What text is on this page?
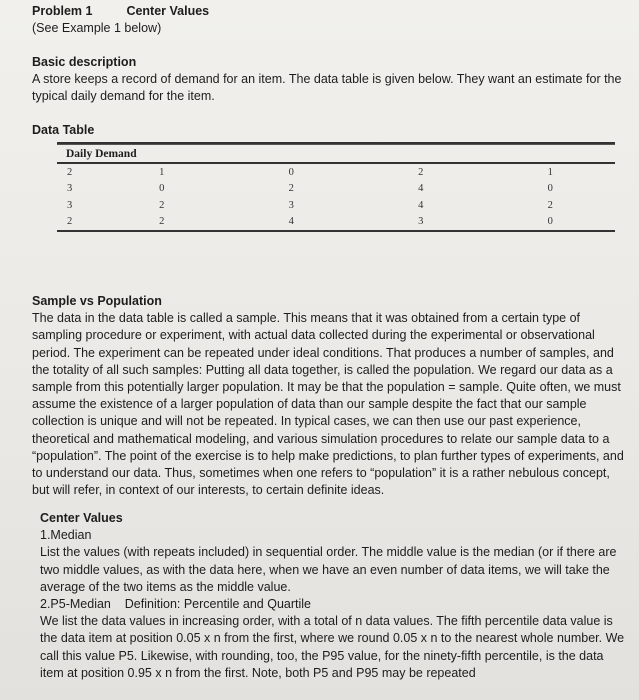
Problem 1	Center Values
(See Example 1 below)
Basic description
A store keeps a record of demand for an item. The data table is given below. They want an estimate for the typical daily demand for the item.
Data Table
Daily Demand
2	1	0	2	1
3	0	2	4	0
3	2	3	4	2
2	2	4	3	0
Sample vs Population
The data in the data table is called a sample. This means that it was obtained from a certain type of sampling procedure or experiment, with actual data collected during the experimental or observational period. The experiment can be repeated under ideal conditions. That produces a number of samples, and the totality of all such samples: Putting all data together, is called the population. We regard our data as a sample from this potentially larger population. It may be that the population = sample. Quite often, we must assume the existence of a larger population of data than our sample despite the fact that our sample collection is unique and will not be repeated. In typical cases, we can then use our past experience, theoretical and mathematical modeling, and various simulation procedures to relate our sample data to a “population”. The point of the exercise is to help make predictions, to plan further types of experiments, and to understand our data. Thus, sometimes when one refers to “population” it is a rather nebulous concept, but will refer, in context of our interests, to certain definite ideas.
Center Values
1.Median
List the values (with repeats included) in sequential order. The middle value is the median (or if there are two middle values, as with the data here, when we have an even number of data items, we will take the average of the two items as the middle value.
2.P5-Median Definition: Percentile and Quartile
We list the data values in increasing order, with a total of n data values. The fifth percentile data value is the data item at position 0.05 x n from the first, where we round 0.05 x n to the nearest whole number. We call this value P5. Likewise, with rounding, too, the P95 value, for the ninety-fifth percentile, is the data item at position 0.95 x n from the first. Note, both P5 and P95 may be repeated
